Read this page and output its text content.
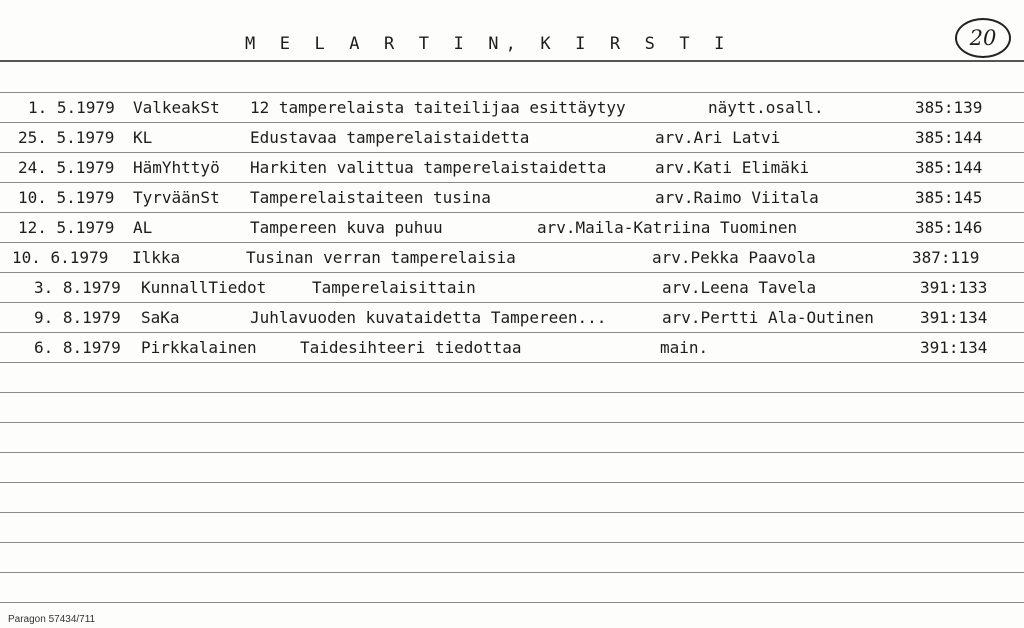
M E L A R T I N, K I R S T I	20
1. 5.1979 ValkeakSt 12 tamperelaista taiteilijaa esittäytyy	näytt.osall.	385:139
25. 5.1979 KL	Edustavaa tamperelaistaidetta	arv.Ari Latvi	385:144
24. 5.1979 HämYhttyö Harkiten valittua tamperelaistaidetta	arv.Kati Elimäki	385:144
10. 5.1979 TyrväänSt Tamperelaistaiteen tusina	arv.Raimo Viitala	385:145
12. 5.1979 AL	Tampereen kuva puhuu	arv.Maila-Katriina Tuominen	385:146
10. 6.1979 Ilkka	Tusinan verran tamperelaisia	arv.Pekka Paavola	387:119
3. 8.1979 KunnallTiedot	Tamperelaisittain	arv.Leena Tavela	391:133
9. 8.1979 SaKa	Juhlavuoden kuvataidetta Tampereen...	arv.Pertti Ala-Outinen	391:134
6. 8.1979 Pirkkalainen	Taidesihteeri tiedottaa	main.	391:134
Paragon 57434/711
